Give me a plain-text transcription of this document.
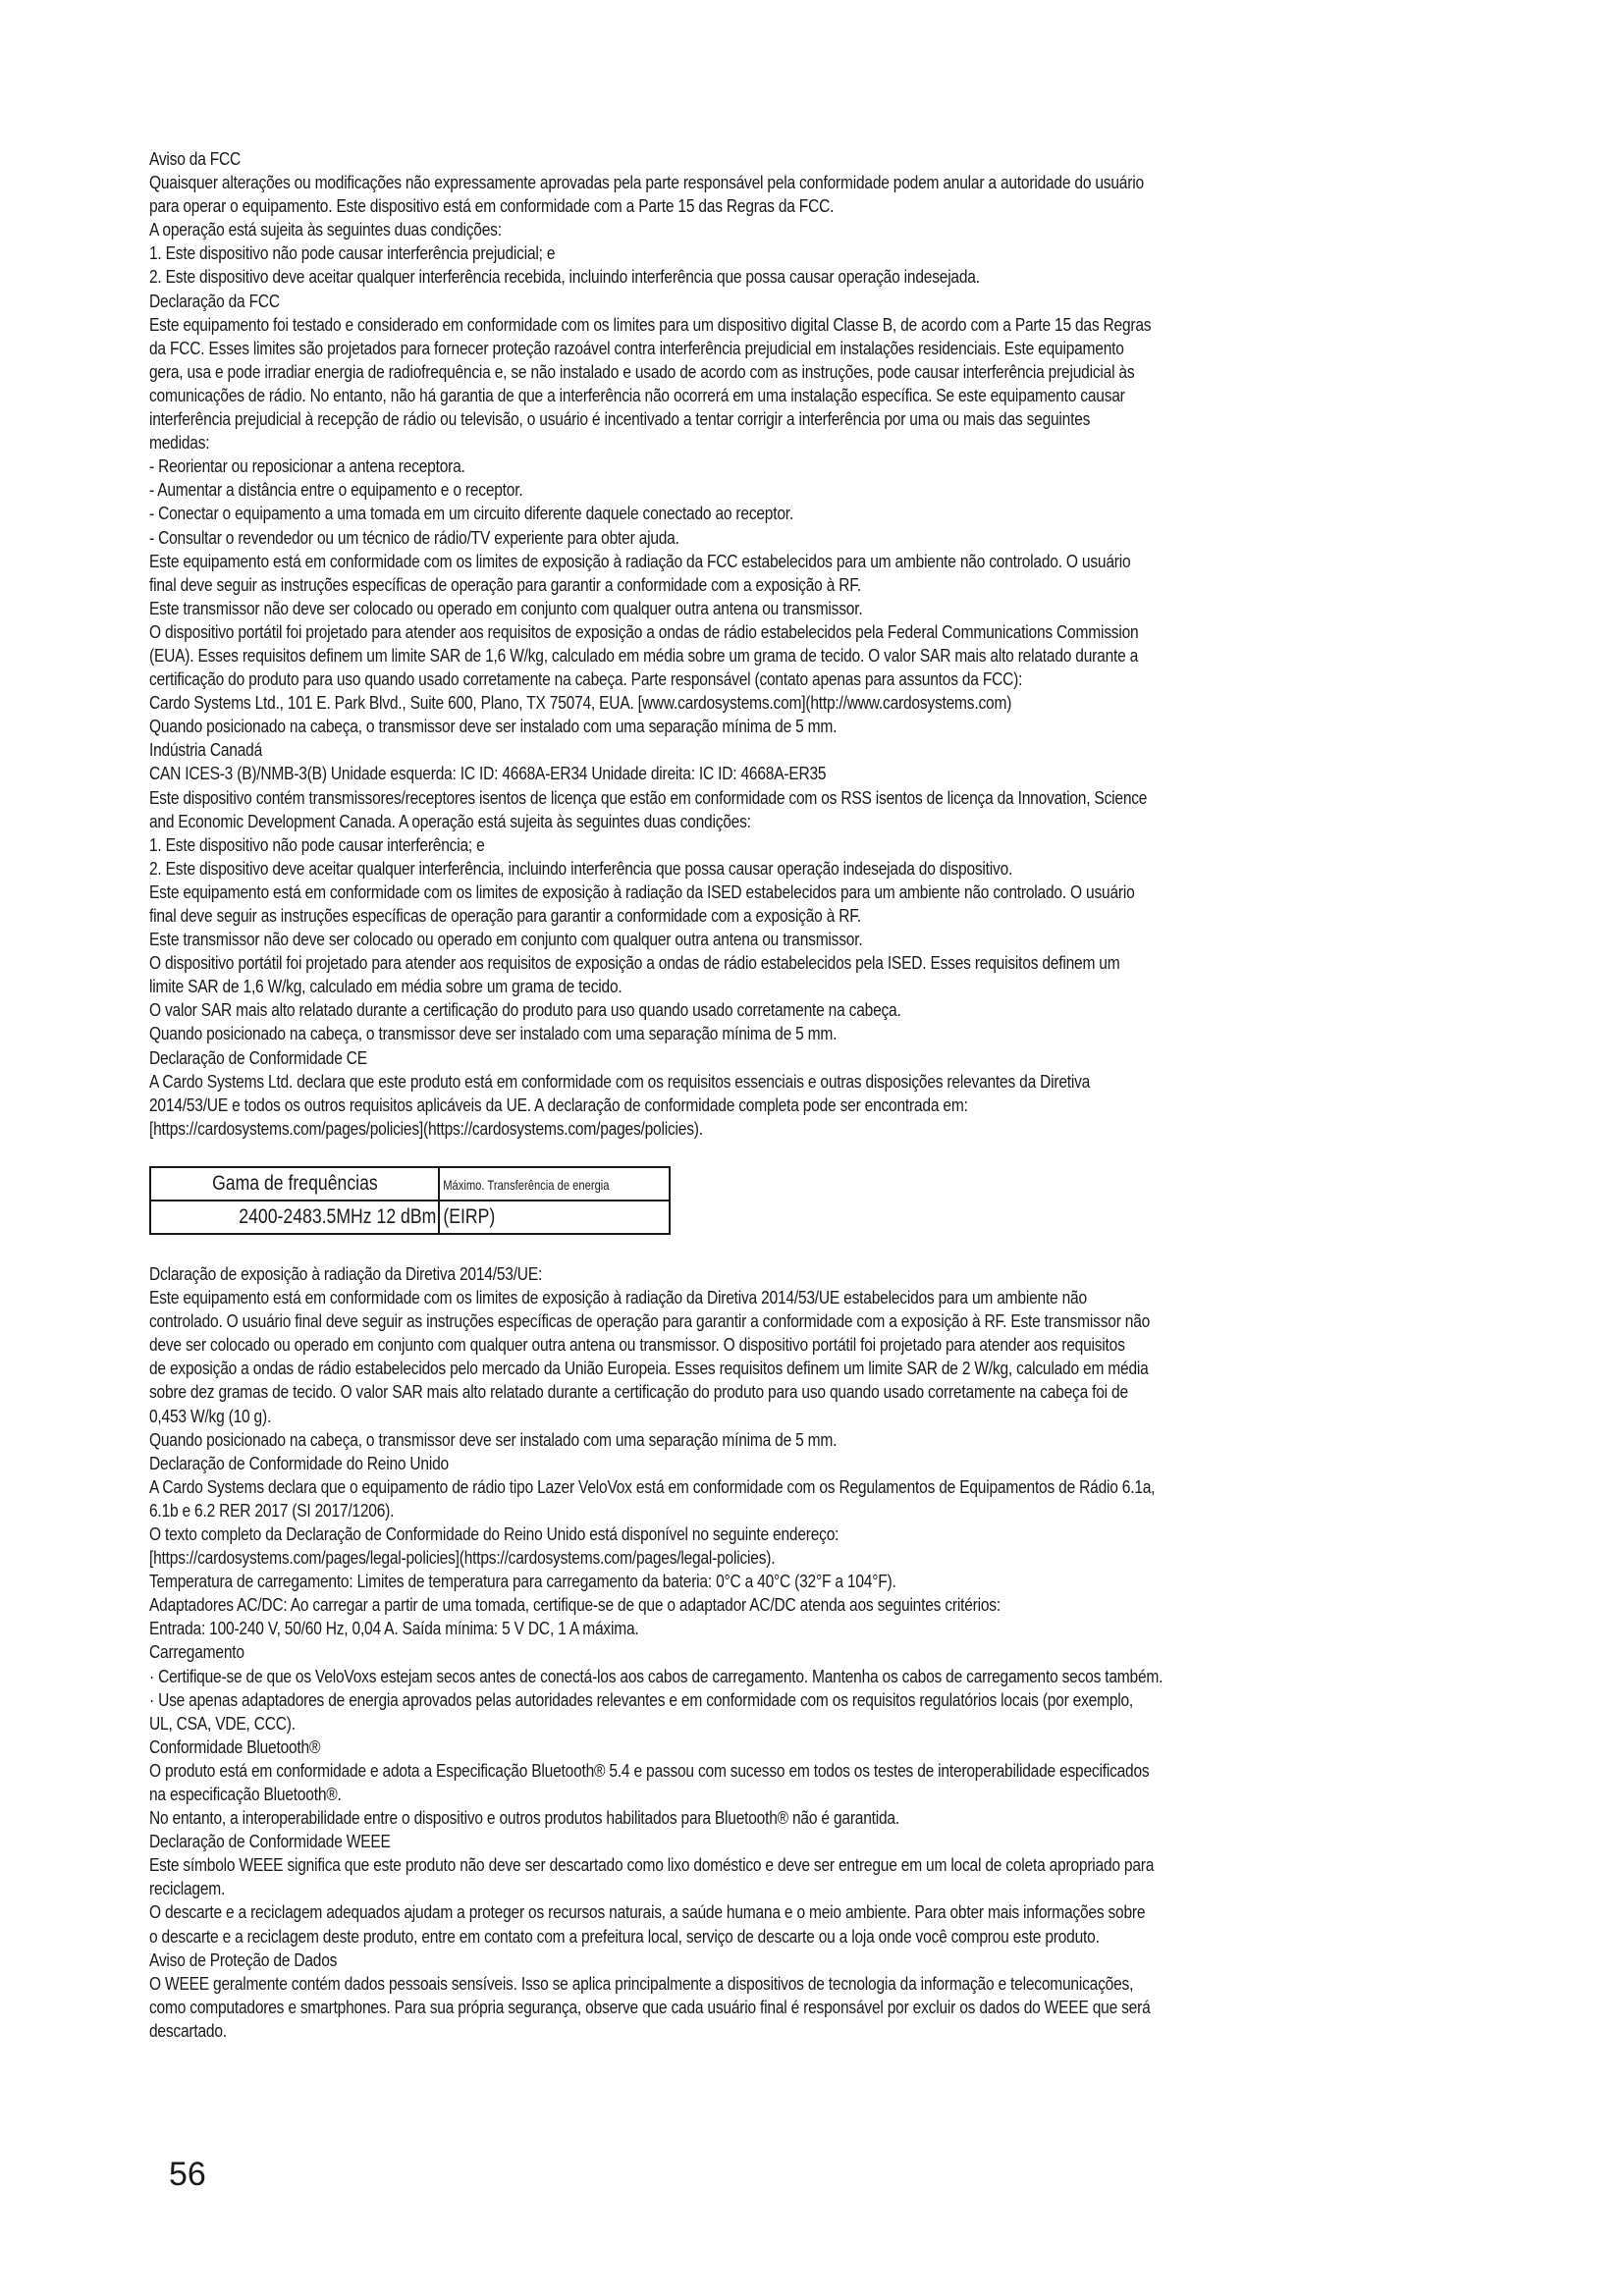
Aviso da FCC
Quaisquer alterações ou modificações não expressamente aprovadas pela parte responsável pela conformidade podem anular a autoridade do usuário
para operar o equipamento. Este dispositivo está em conformidade com a Parte 15 das Regras da FCC.
A operação está sujeita às seguintes duas condições:
1. Este dispositivo não pode causar interferência prejudicial; e
2. Este dispositivo deve aceitar qualquer interferência recebida, incluindo interferência que possa causar operação indesejada.
Declaração da FCC
Este equipamento foi testado e considerado em conformidade com os limites para um dispositivo digital Classe B, de acordo com a Parte 15 das Regras
da FCC. Esses limites são projetados para fornecer proteção razoável contra interferência prejudicial em instalações residenciais. Este equipamento
gera, usa e pode irradiar energia de radiofrequência e, se não instalado e usado de acordo com as instruções, pode causar interferência prejudicial às
comunicações de rádio. No entanto, não há garantia de que a interferência não ocorrerá em uma instalação específica. Se este equipamento causar
interferência prejudicial à recepção de rádio ou televisão, o usuário é incentivado a tentar corrigir a interferência por uma ou mais das seguintes
medidas:
- Reorientar ou reposicionar a antena receptora.
- Aumentar a distância entre o equipamento e o receptor.
- Conectar o equipamento a uma tomada em um circuito diferente daquele conectado ao receptor.
- Consultar o revendedor ou um técnico de rádio/TV experiente para obter ajuda.
Este equipamento está em conformidade com os limites de exposição à radiação da FCC estabelecidos para um ambiente não controlado. O usuário
final deve seguir as instruções específicas de operação para garantir a conformidade com a exposição à RF.
Este transmissor não deve ser colocado ou operado em conjunto com qualquer outra antena ou transmissor.
O dispositivo portátil foi projetado para atender aos requisitos de exposição a ondas de rádio estabelecidos pela Federal Communications Commission
(EUA). Esses requisitos definem um limite SAR de 1,6 W/kg, calculado em média sobre um grama de tecido. O valor SAR mais alto relatado durante a
certificação do produto para uso quando usado corretamente na cabeça. Parte responsável (contato apenas para assuntos da FCC):
Cardo Systems Ltd., 101 E. Park Blvd., Suite 600, Plano, TX 75074, EUA. [www.cardosystems.com](http://www.cardosystems.com)
Quando posicionado na cabeça, o transmissor deve ser instalado com uma separação mínima de 5 mm.
Indústria Canadá
CAN ICES-3 (B)/NMB-3(B) Unidade esquerda: IC ID: 4668A-ER34 Unidade direita: IC ID: 4668A-ER35
Este dispositivo contém transmissores/receptores isentos de licença que estão em conformidade com os RSS isentos de licença da Innovation, Science
and Economic Development Canada. A operação está sujeita às seguintes duas condições:
1. Este dispositivo não pode causar interferência; e
2. Este dispositivo deve aceitar qualquer interferência, incluindo interferência que possa causar operação indesejada do dispositivo.
Este equipamento está em conformidade com os limites de exposição à radiação da ISED estabelecidos para um ambiente não controlado. O usuário
final deve seguir as instruções específicas de operação para garantir a conformidade com a exposição à RF.
Este transmissor não deve ser colocado ou operado em conjunto com qualquer outra antena ou transmissor.
O dispositivo portátil foi projetado para atender aos requisitos de exposição a ondas de rádio estabelecidos pela ISED. Esses requisitos definem um
limite SAR de 1,6 W/kg, calculado em média sobre um grama de tecido.
O valor SAR mais alto relatado durante a certificação do produto para uso quando usado corretamente na cabeça.
Quando posicionado na cabeça, o transmissor deve ser instalado com uma separação mínima de 5 mm.
Declaração de Conformidade CE
A Cardo Systems Ltd. declara que este produto está em conformidade com os requisitos essenciais e outras disposições relevantes da Diretiva
2014/53/UE e todos os outros requisitos aplicáveis da UE. A declaração de conformidade completa pode ser encontrada em:
[https://cardosystems.com/pages/policies](https://cardosystems.com/pages/policies).
Gama de frequências	Máximo. Transferência de energia
2400-2483.5MHz 12 dBm	(EIRP)
Dclaração de exposição à radiação da Diretiva 2014/53/UE:
Este equipamento está em conformidade com os limites de exposição à radiação da Diretiva 2014/53/UE estabelecidos para um ambiente não
controlado. O usuário final deve seguir as instruções específicas de operação para garantir a conformidade com a exposição à RF. Este transmissor não
deve ser colocado ou operado em conjunto com qualquer outra antena ou transmissor. O dispositivo portátil foi projetado para atender aos requisitos
de exposição a ondas de rádio estabelecidos pelo mercado da União Europeia. Esses requisitos definem um limite SAR de 2 W/kg, calculado em média
sobre dez gramas de tecido. O valor SAR mais alto relatado durante a certificação do produto para uso quando usado corretamente na cabeça foi de
0,453 W/kg (10 g).
Quando posicionado na cabeça, o transmissor deve ser instalado com uma separação mínima de 5 mm.
Declaração de Conformidade do Reino Unido
A Cardo Systems declara que o equipamento de rádio tipo Lazer VeloVox está em conformidade com os Regulamentos de Equipamentos de Rádio 6.1a,
6.1b e 6.2 RER 2017 (SI 2017/1206).
O texto completo da Declaração de Conformidade do Reino Unido está disponível no seguinte endereço:
[https://cardosystems.com/pages/legal-policies](https://cardosystems.com/pages/legal-policies).
Temperatura de carregamento: Limites de temperatura para carregamento da bateria: 0°C a 40°C (32°F a 104°F).
Adaptadores AC/DC: Ao carregar a partir de uma tomada, certifique-se de que o adaptador AC/DC atenda aos seguintes critérios:
Entrada: 100-240 V, 50/60 Hz, 0,04 A. Saída mínima: 5 V DC, 1 A máxima.
Carregamento
· Certifique-se de que os VeloVoxs estejam secos antes de conectá-los aos cabos de carregamento. Mantenha os cabos de carregamento secos também.
· Use apenas adaptadores de energia aprovados pelas autoridades relevantes e em conformidade com os requisitos regulatórios locais (por exemplo,
UL, CSA, VDE, CCC).
Conformidade Bluetooth®
O produto está em conformidade e adota a Especificação Bluetooth® 5.4 e passou com sucesso em todos os testes de interoperabilidade especificados
na especificação Bluetooth®.
No entanto, a interoperabilidade entre o dispositivo e outros produtos habilitados para Bluetooth® não é garantida.
Declaração de Conformidade WEEE
Este símbolo WEEE significa que este produto não deve ser descartado como lixo doméstico e deve ser entregue em um local de coleta apropriado para
reciclagem.
O descarte e a reciclagem adequados ajudam a proteger os recursos naturais, a saúde humana e o meio ambiente. Para obter mais informações sobre
o descarte e a reciclagem deste produto, entre em contato com a prefeitura local, serviço de descarte ou a loja onde você comprou este produto.
Aviso de Proteção de Dados
O WEEE geralmente contém dados pessoais sensíveis. Isso se aplica principalmente a dispositivos de tecnologia da informação e telecomunicações,
como computadores e smartphones. Para sua própria segurança, observe que cada usuário final é responsável por excluir os dados do WEEE que será
descartado.
56
